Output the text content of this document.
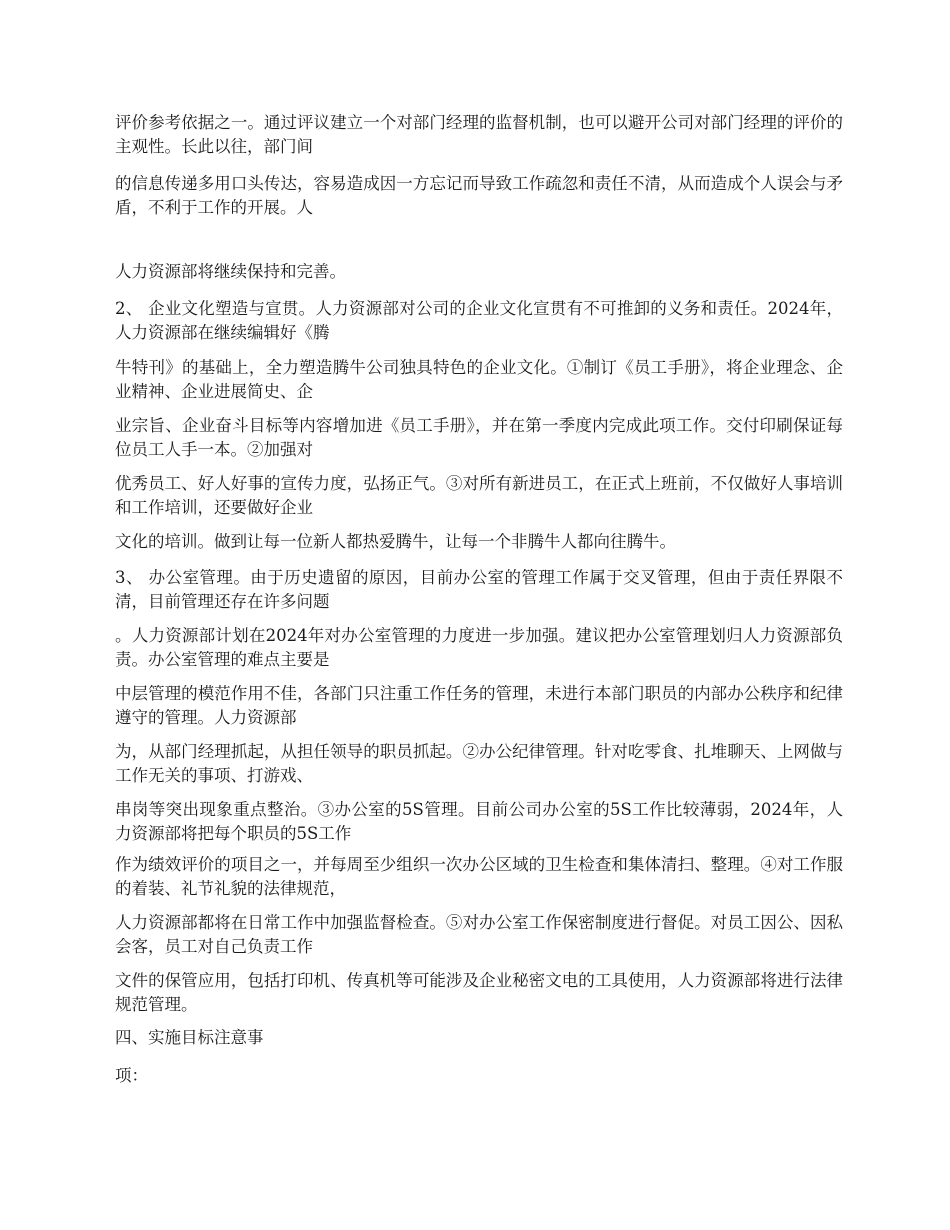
评价参考依据之一。通过评议建立一个对部门经理的监督机制，也可以避开公司对部门经理的评价的主观性。长此以往，部门间

的信息传递多用口头传达，容易造成因一方忘记而导致工作疏忽和责任不清，从而造成个人误会与矛盾，不利于工作的开展。人

人力资源部将继续保持和完善。

2、 企业文化塑造与宣贯。人力资源部对公司的企业文化宣贯有不可推卸的义务和责任。2024年，人力资源部在继续编辑好《腾

牛特刊》的基础上，全力塑造腾牛公司独具特色的企业文化。①制订《员工手册》，将企业理念、企业精神、企业进展简史、企

业宗旨、企业奋斗目标等内容增加进《员工手册》，并在第一季度内完成此项工作。交付印刷保证每位员工人手一本。②加强对

优秀员工、好人好事的宣传力度，弘扬正气。③对所有新进员工，在正式上班前，不仅做好人事培训和工作培训，还要做好企业

文化的培训。做到让每一位新人都热爱腾牛，让每一个非腾牛人都向往腾牛。

3、 办公室管理。由于历史遗留的原因，目前办公室的管理工作属于交叉管理，但由于责任界限不清，目前管理还存在许多问题

。人力资源部计划在2024年对办公室管理的力度进一步加强。建议把办公室管理划归人力资源部负责。办公室管理的难点主要是

中层管理的模范作用不佳，各部门只注重工作任务的管理，未进行本部门职员的内部办公秩序和纪律遵守的管理。人力资源部

为，从部门经理抓起，从担任领导的职员抓起。②办公纪律管理。针对吃零食、扎堆聊天、上网做与工作无关的事项、打游戏、

串岗等突出现象重点整治。③办公室的5S管理。目前公司办公室的5S工作比较薄弱，2024年，人力资源部将把每个职员的5S工作

作为绩效评价的项目之一，并每周至少组织一次办公区域的卫生检查和集体清扫、整理。④对工作服的着装、礼节礼貌的法律规范，

人力资源部都将在日常工作中加强监督检查。⑤对办公室工作保密制度进行督促。对员工因公、因私会客，员工对自己负责工作

文件的保管应用，包括打印机、传真机等可能涉及企业秘密文电的工具使用，人力资源部将进行法律规范管理。

四、实施目标注意事

项：
